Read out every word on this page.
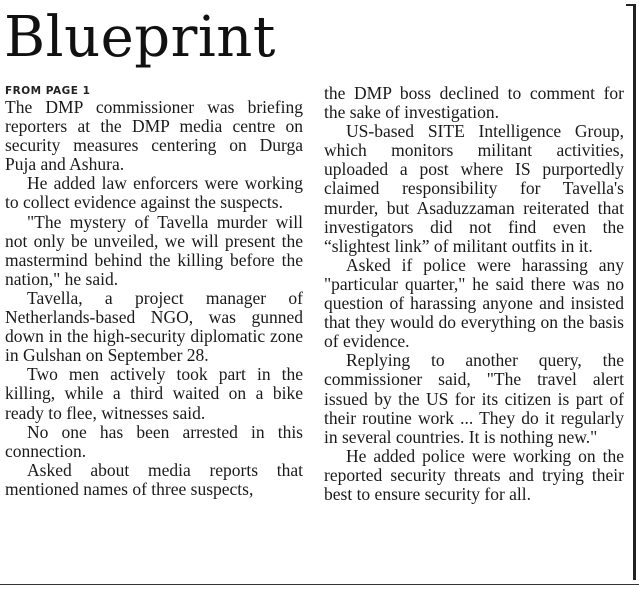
Blueprint
FROM PAGE 1

The DMP commissioner was briefing reporters at the DMP media centre on security measures centering on Durga Puja and Ashura.

He added law enforcers were working to collect evidence against the suspects.

"The mystery of Tavella murder will not only be unveiled, we will present the mastermind behind the killing before the nation," he said.

Tavella, a project manager of Netherlands-based NGO, was gunned down in the high-security diplomatic zone in Gulshan on September 28.

Two men actively took part in the killing, while a third waited on a bike ready to flee, witnesses said.

No one has been arrested in this connection.

Asked about media reports that mentioned names of three suspects,

the DMP boss declined to comment for the sake of investigation.

US-based SITE Intelligence Group, which monitors militant activities, uploaded a post where IS purportedly claimed responsibility for Tavella's murder, but Asaduzzaman reiterated that investigators did not find even the “slightest link” of militant outfits in it.

Asked if police were harassing any "particular quarter," he said there was no question of harassing anyone and insisted that they would do everything on the basis of evidence.

Replying to another query, the commissioner said, "The travel alert issued by the US for its citizen is part of their routine work ... They do it regularly in several countries. It is nothing new."

He added police were working on the reported security threats and trying their best to ensure security for all.
